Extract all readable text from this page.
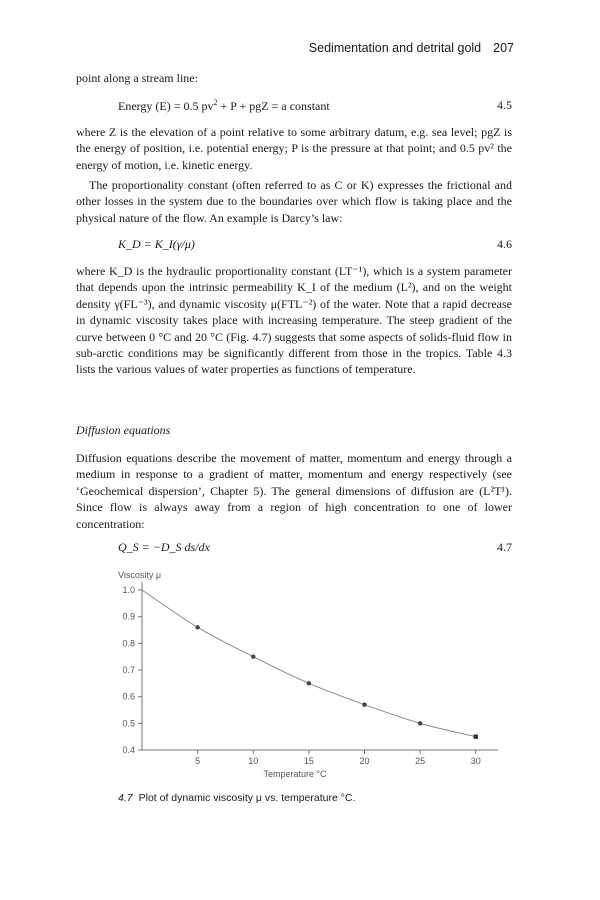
Sedimentation and detrital gold 207

point along a stream line:

Energy (E) = 0.5 $pv^2 + P$ + pgZ = a constant	4.5

where Z is the elevation of a point relative to some arbitrary datum, e.g. sea level; pgZ is the energy of position, i.e. potential energy; P is the pressure at that point; and 0.5 pv² the energy of motion, i.e. kinetic energy.

The proportionality constant (often referred to as C or K) expresses the frictional and other losses in the system due to the boundaries over which flow is taking place and the physical nature of the flow. An example is Darcy’s law:

K_D = K_I(γ/μ)	4.6

where K_D is the hydraulic proportionality constant (LT⁻¹), which is a system parameter that depends upon the intrinsic permeability K_I of the medium (L²), and on the weight density γ(FL⁻³), and dynamic viscosity μ(FTL⁻²) of the water. Note that a rapid decrease in dynamic viscosity takes place with increasing temperature. The steep gradient of the curve between 0 °C and 20 °C (Fig. 4.7) suggests that some aspects of solids-fluid flow in sub-arctic conditions may be significantly different from those in the tropics. Table 4.3 lists the various values of water properties as functions of temperature.

Diffusion equations

Diffusion equations describe the movement of matter, momentum and energy through a medium in response to a gradient of matter, momentum and energy respectively (see ‘Geochemical dispersion’, Chapter 5). The general dimensions of diffusion are (L²T¹). Since flow is always away from a region of high concentration to one of lower concentration:

Q_S = −D_S ds/dx	4.7
Viscosity μ
Temperature °C
0.4
0.5
0.6
0.7
0.8
0.9
1.0
5	10	15	20	25	30
4.7 Plot of dynamic viscosity μ vs. temperature °C.
